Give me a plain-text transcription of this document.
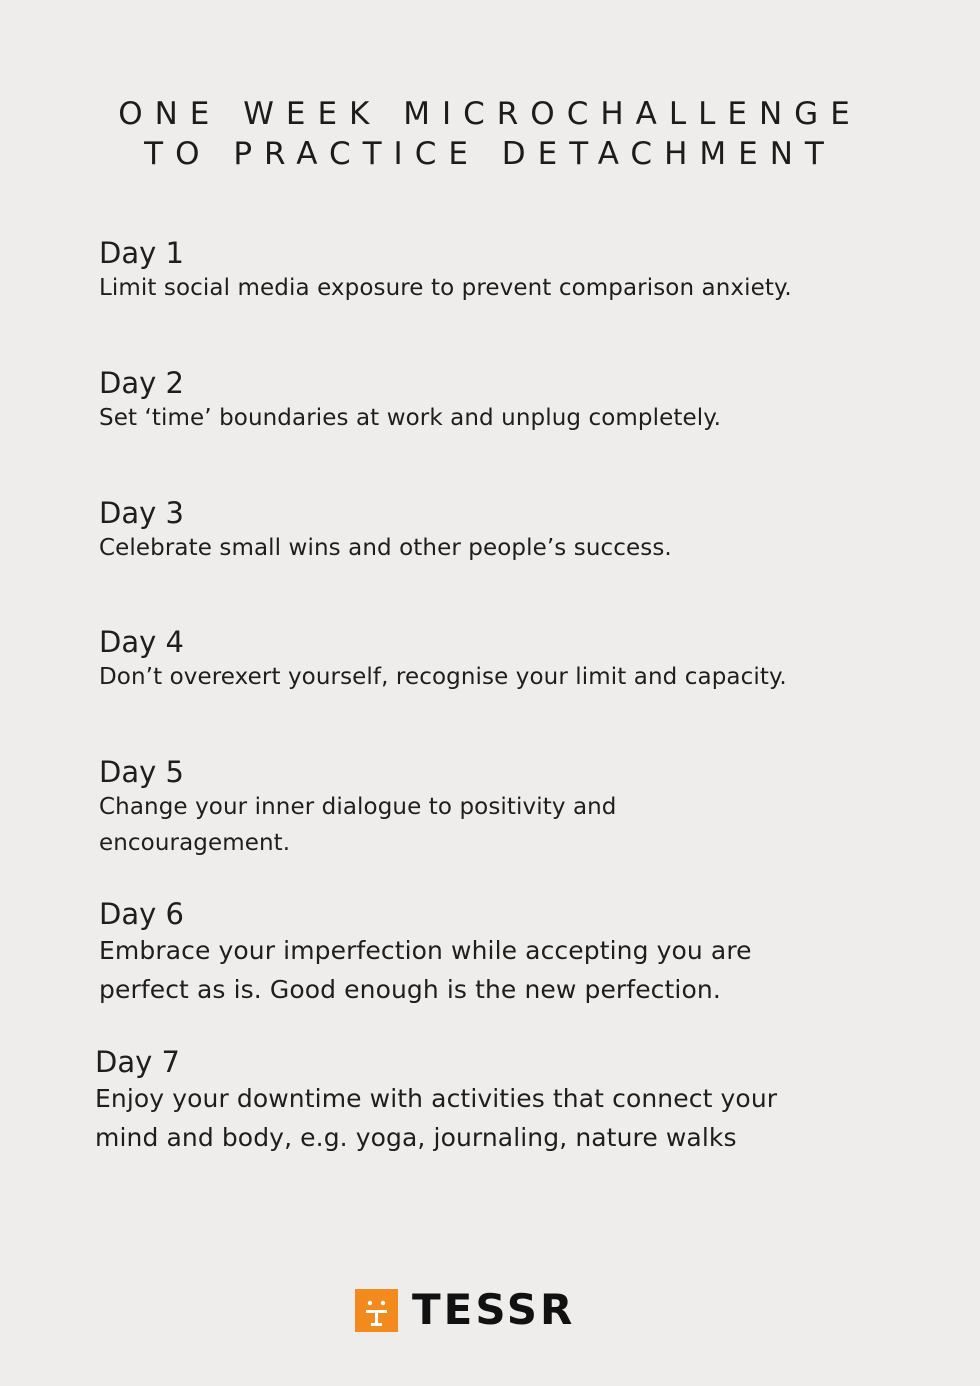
ONE WEEK MICROCHALLENGE
TO PRACTICE DETACHMENT
Day 1
Limit social media exposure to prevent comparison anxiety.
Day 2
Set ‘time’ boundaries at work and unplug completely.
Day 3
Celebrate small wins and other people’s success.
Day 4
Don’t overexert yourself, recognise your limit and capacity.
Day 5
Change your inner dialogue to positivity and
encouragement.
Day 6
Embrace your imperfection while accepting you are
perfect as is. Good enough is the new perfection.
Day 7
Enjoy your downtime with activities that connect your
mind and body, e.g. yoga, journaling, nature walks
TESSR
